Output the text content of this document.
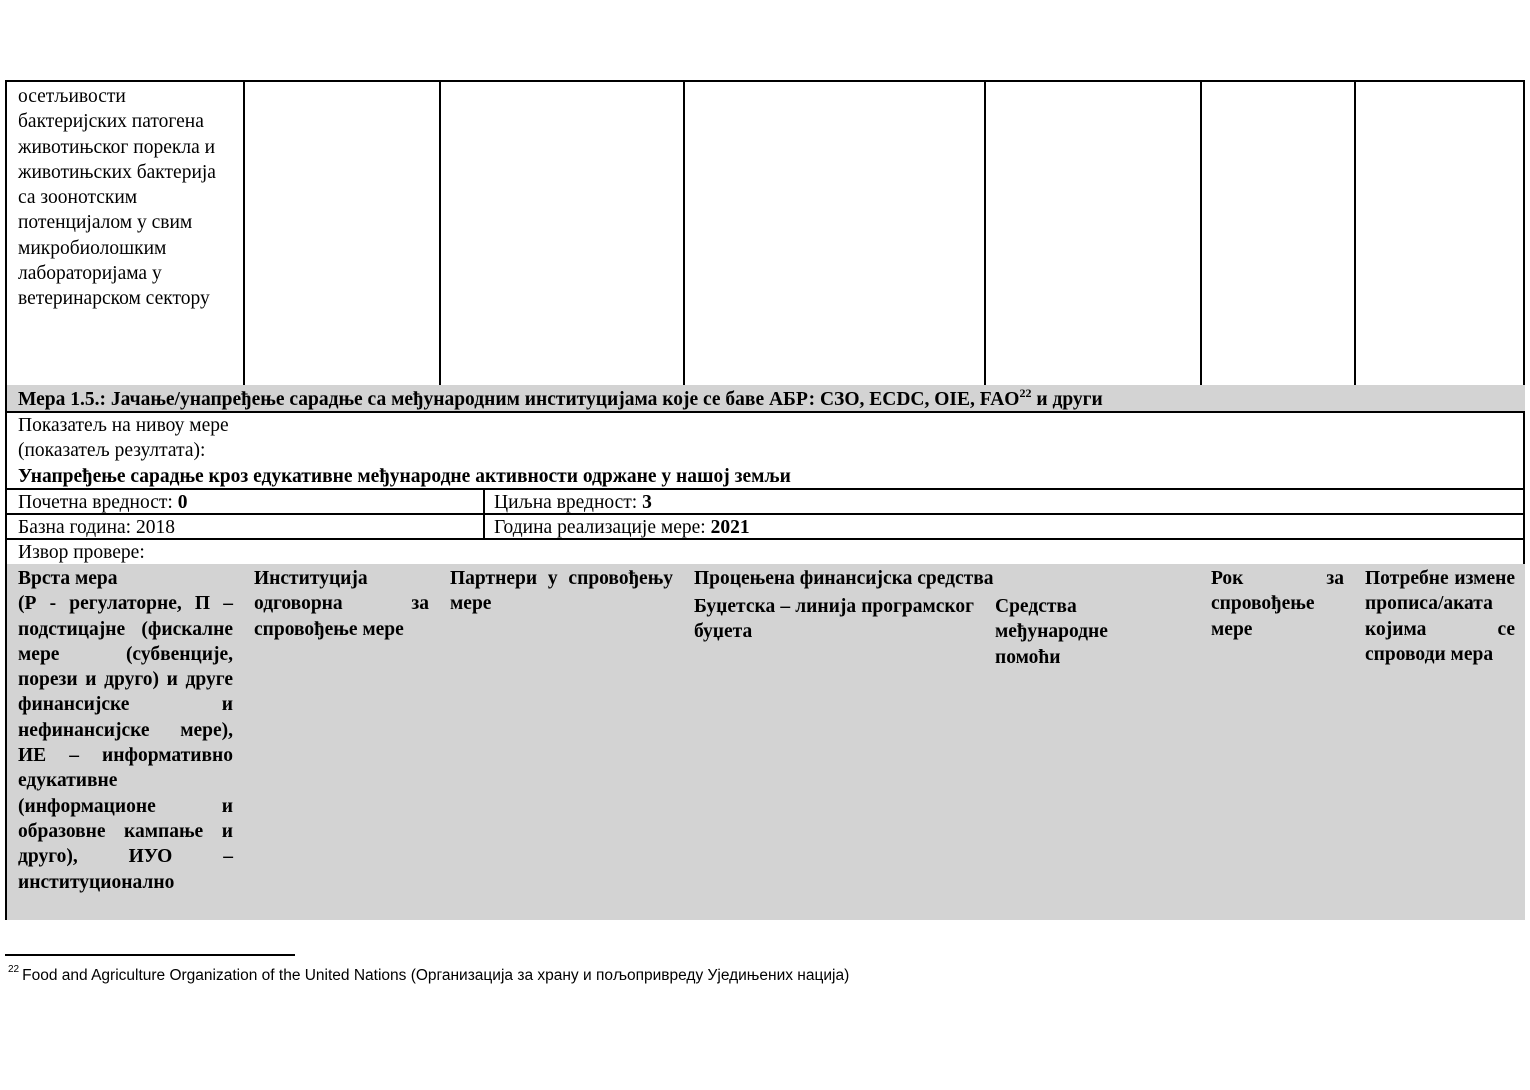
осетљивости бактеријских патогена животињског порекла и животињских бактерија са зоонотским потенцијалом у свим микробиолошким лабораторијама у ветеринарском сектору
Мера 1.5.: Јачање/унапређење сарадње са међународним институцијама које се баве АБР: СЗО, ECDC, OIE, FAO$^{22}$ и други
Показатељ на нивоу мере
(показатељ резултата):
Унапређење сарадње кроз едукативне међународне активности одржане у нашој земљи
Почетна вредност: 0	Циљна вредност: 3
Базна година: 2018	Година реализације мере: 2021
Извор провере:
Врста мера
(Р - регулаторне, П – подстицајне (фискалне мере (субвенције, порези и друго) и друге финансијске и нефинансијске мере), ИЕ – информативно едукативне (информационе и образовне кампање и друго), ИУО – институционално
Институција одговорна за спровођење мере
Партнери у спровођењу мере
Процењена финансијска средства
Буџетска – линија програмског буџета
Средства међународне помоћи
Рок за спровођење мере
Потребне измене прописа/аката којима се спроводи мера
$^{22}$ Food and Agriculture Organization of the United Nations (Организација за храну и пољопривреду Уједињених нација)
